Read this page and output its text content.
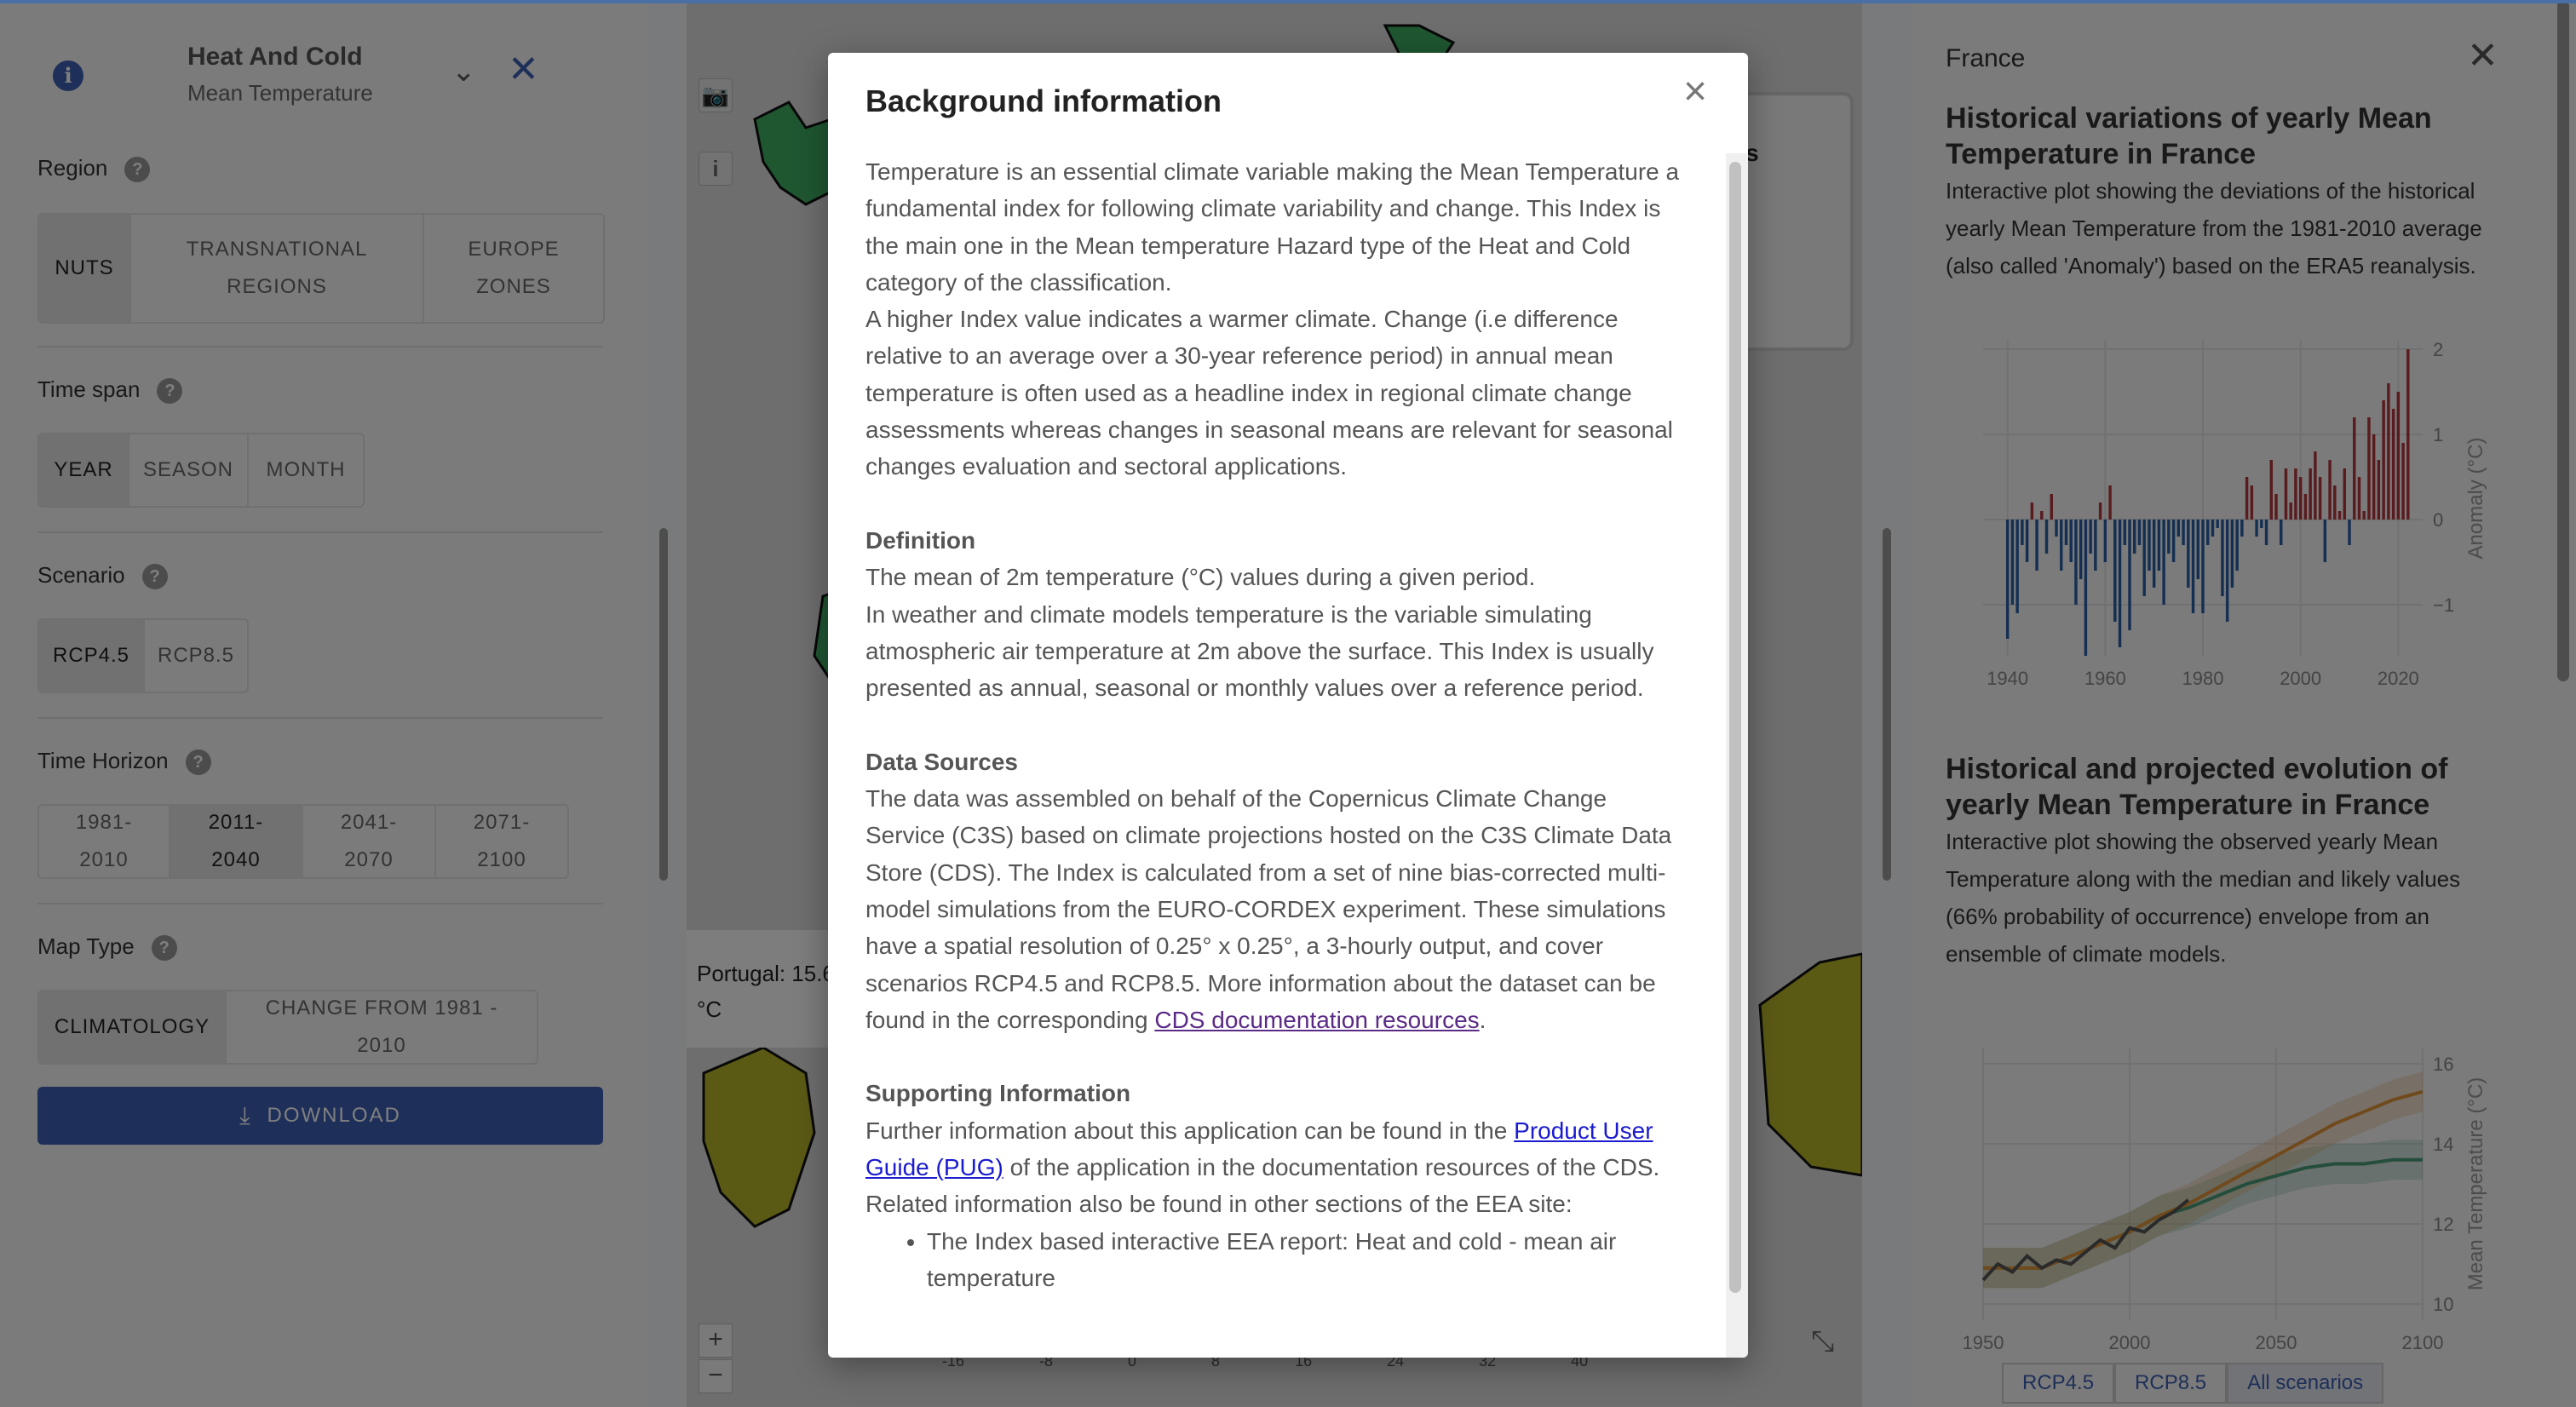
Background information	×

Temperature is an essential climate variable making the Mean Temperature a fundamental index for following climate variability and change. This Index is the main one in the Mean temperature Hazard type of the Heat and Cold category of the classification.

A higher Index value indicates a warmer climate. Change (i.e difference relative to an average over a 30-year reference period) in annual mean temperature is often used as a headline index in regional climate change assessments whereas changes in seasonal means are relevant for seasonal changes evaluation and sectoral applications.

Definition

The mean of 2m temperature (°C) values during a given period.

In weather and climate models temperature is the variable simulating atmospheric air temperature at 2m above the surface. This Index is usually presented as annual, seasonal or monthly values over a reference period.

Data Sources

The data was assembled on behalf of the Copernicus Climate Change Service (C3S) based on climate projections hosted on the C3S Climate Data Store (CDS). The Index is calculated from a set of nine bias-corrected multi-model simulations from the EURO-CORDEX experiment. These simulations have a spatial resolution of 0.25° x 0.25°, a 3-hourly output, and cover scenarios RCP4.5 and RCP8.5. More information about the dataset can be found in the corresponding CDS documentation resources.

Supporting Information

Further information about this application can be found in the Product User Guide (PUG) of the application in the documentation resources of the CDS. Related information also be found in other sections of the EEA site:

• The Index based interactive EEA report: Heat and cold - mean air temperature
